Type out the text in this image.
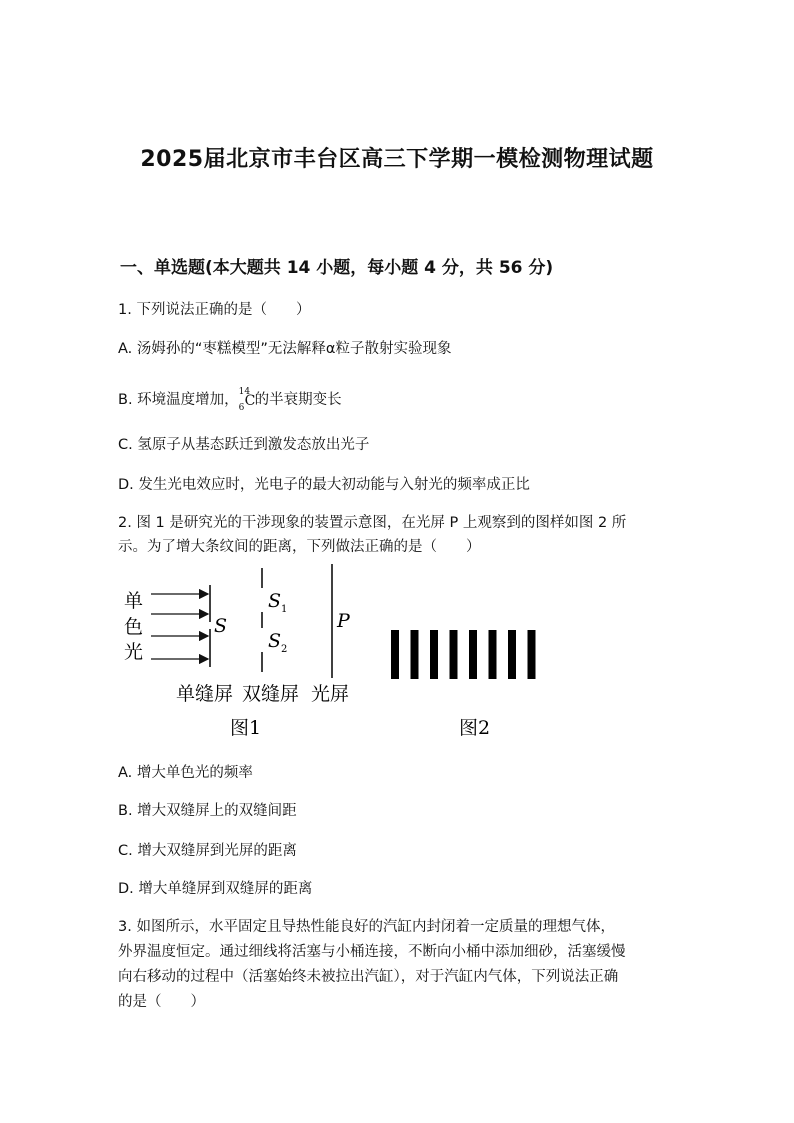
2025届北京市丰台区高三下学期一模检测物理试题
一、单选题(本大题共 14 小题，每小题 4 分，共 56 分)
1. 下列说法正确的是（　　）
A. 汤姆孙的“枣糕模型”无法解释α粒子散射实验现象
B. 环境温度增加， 14
6 C 的半衰期变长
C. 氢原子从基态跃迁到激发态放出光子
D. 发生光电效应时，光电子的最大初动能与入射光的频率成正比
2. 图 1 是研究光的干涉现象的装置示意图，在光屏 P 上观察到的图样如图 2 所
示。为了增大条纹间的距离，下列做法正确的是（　　）
单
色
光
S
S 1
S 2
P
单缝屏 双缝屏 光屏
图1	图2
A. 增大单色光的频率
B. 增大双缝屏上的双缝间距
C. 增大双缝屏到光屏的距离
D. 增大单缝屏到双缝屏的距离
3. 如图所示，水平固定且导热性能良好的汽缸内封闭着一定质量的理想气体，
外界温度恒定。通过细线将活塞与小桶连接，不断向小桶中添加细砂，活塞缓慢
向右移动的过程中（活塞始终未被拉出汽缸），对于汽缸内气体，下列说法正确
的是（　　）
